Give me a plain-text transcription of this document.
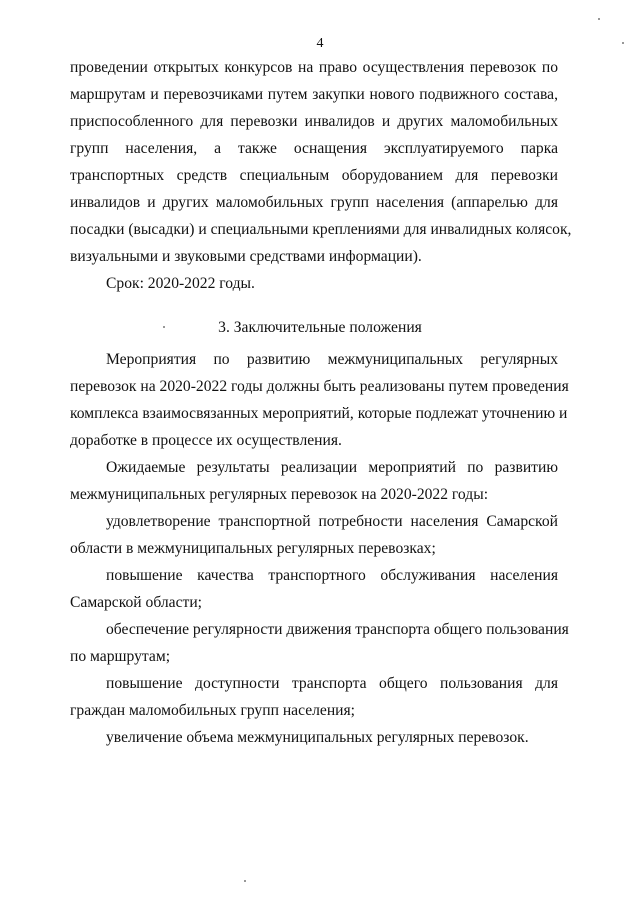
4
проведении открытых конкурсов на право осуществления перевозок по
маршрутам и перевозчиками путем закупки нового подвижного состава,
приспособленного для перевозки инвалидов и других маломобильных
групп населения, а также оснащения эксплуатируемого парка
транспортных средств специальным оборудованием для перевозки
инвалидов и других маломобильных групп населения (аппарелью для
посадки (высадки) и специальными креплениями для инвалидных колясок,
визуальными и звуковыми средствами информации).
Срок: 2020-2022 годы.
3. Заключительные положения
Мероприятия по развитию межмуниципальных регулярных
перевозок на 2020-2022 годы должны быть реализованы путем проведения
комплекса взаимосвязанных мероприятий, которые подлежат уточнению и
доработке в процессе их осуществления.
Ожидаемые результаты реализации мероприятий по развитию
межмуниципальных регулярных перевозок на 2020-2022 годы:
удовлетворение транспортной потребности населения Самарской
области в межмуниципальных регулярных перевозках;
повышение качества транспортного обслуживания населения
Самарской области;
обеспечение регулярности движения транспорта общего пользования
по маршрутам;
повышение доступности транспорта общего пользования для
граждан маломобильных групп населения;
увеличение объема межмуниципальных регулярных перевозок.
